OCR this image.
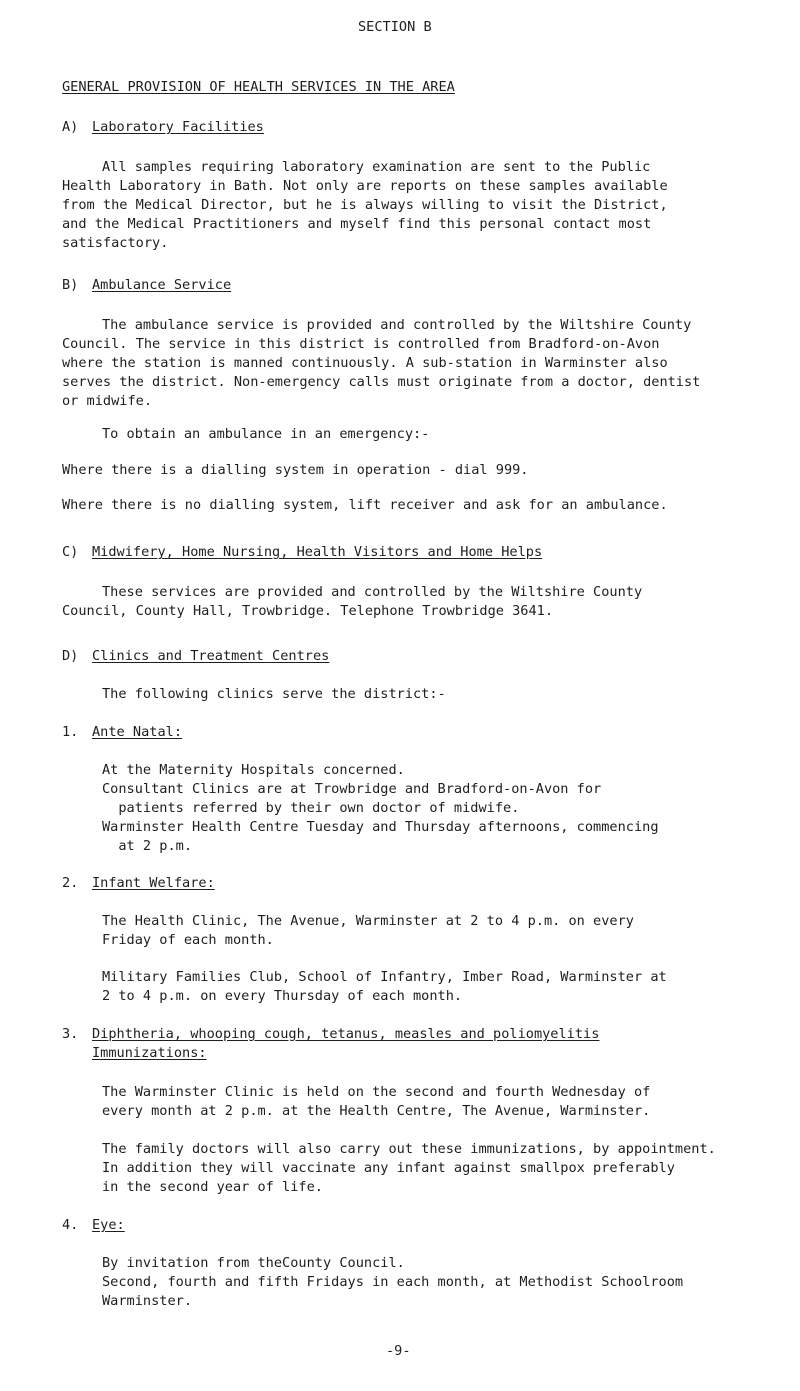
SECTION B
GENERAL PROVISION OF HEALTH SERVICES IN THE AREA
A) Laboratory Facilities
All samples requiring laboratory examination are sent to the Public
Health Laboratory in Bath. Not only are reports on these samples available
from the Medical Director, but he is always willing to visit the District,
and the Medical Practitioners and myself find this personal contact most
satisfactory.
B) Ambulance Service
The ambulance service is provided and controlled by the Wiltshire County
Council. The service in this district is controlled from Bradford-on-Avon
where the station is manned continuously. A sub-station in Warminster also
serves the district. Non-emergency calls must originate from a doctor, dentist
or midwife.
To obtain an ambulance in an emergency:-
Where there is a dialling system in operation - dial 999.
Where there is no dialling system, lift receiver and ask for an ambulance.
C) Midwifery, Home Nursing, Health Visitors and Home Helps
These services are provided and controlled by the Wiltshire County
Council, County Hall, Trowbridge. Telephone Trowbridge 3641.
D) Clinics and Treatment Centres
The following clinics serve the district:-
1. Ante Natal:
At the Maternity Hospitals concerned.
Consultant Clinics are at Trowbridge and Bradford-on-Avon for
patients referred by their own doctor of midwife.
Warminster Health Centre Tuesday and Thursday afternoons, commencing
at 2 p.m.
2. Infant Welfare:
The Health Clinic, The Avenue, Warminster at 2 to 4 p.m. on every
Friday of each month.
Military Families Club, School of Infantry, Imber Road, Warminster at
2 to 4 p.m. on every Thursday of each month.
3. Diphtheria, whooping cough, tetanus, measles and poliomyelitis
Immunizations:
The Warminster Clinic is held on the second and fourth Wednesday of
every month at 2 p.m. at the Health Centre, The Avenue, Warminster.
The family doctors will also carry out these immunizations, by appointment.
In addition they will vaccinate any infant against smallpox preferably
in the second year of life.
4. Eye:
By invitation from theCounty Council.
Second, fourth and fifth Fridays in each month, at Methodist Schoolroom
Warminster.
-9-
